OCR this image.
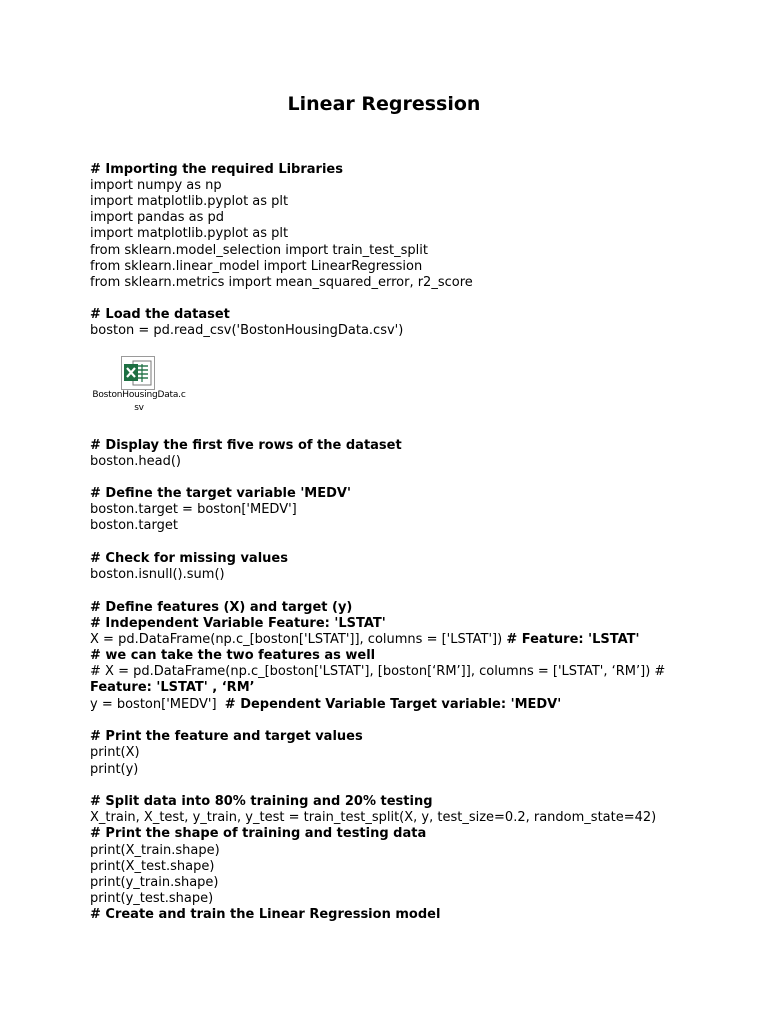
Linear Regression
# Importing the required Libraries
import numpy as np
import matplotlib.pyplot as plt
import pandas as pd
import matplotlib.pyplot as plt
from sklearn.model_selection import train_test_split
from sklearn.linear_model import LinearRegression
from sklearn.metrics import mean_squared_error, r2_score
# Load the dataset
boston = pd.read_csv('BostonHousingData.csv')
# Display the first five rows of the dataset
boston.head()
# Define the target variable 'MEDV'
boston.target = boston['MEDV']
boston.target
# Check for missing values
boston.isnull().sum()
# Define features (X) and target (y)
# Independent Variable Feature: 'LSTAT'
X = pd.DataFrame(np.c_[boston['LSTAT']], columns = ['LSTAT']) # Feature: 'LSTAT'
# we can take the two features as well
# X = pd.DataFrame(np.c_[boston['LSTAT'], [boston[‘RM’]], columns = ['LSTAT', ‘RM’]) #
Feature: 'LSTAT' , ‘RM’
y = boston['MEDV']  # Dependent Variable Target variable: 'MEDV'
# Print the feature and target values
print(X)
print(y)
# Split data into 80% training and 20% testing
X_train, X_test, y_train, y_test = train_test_split(X, y, test_size=0.2, random_state=42)
# Print the shape of training and testing data
print(X_train.shape)
print(X_test.shape)
print(y_train.shape)
print(y_test.shape)
# Create and train the Linear Regression model
BostonHousingData.c
sv
